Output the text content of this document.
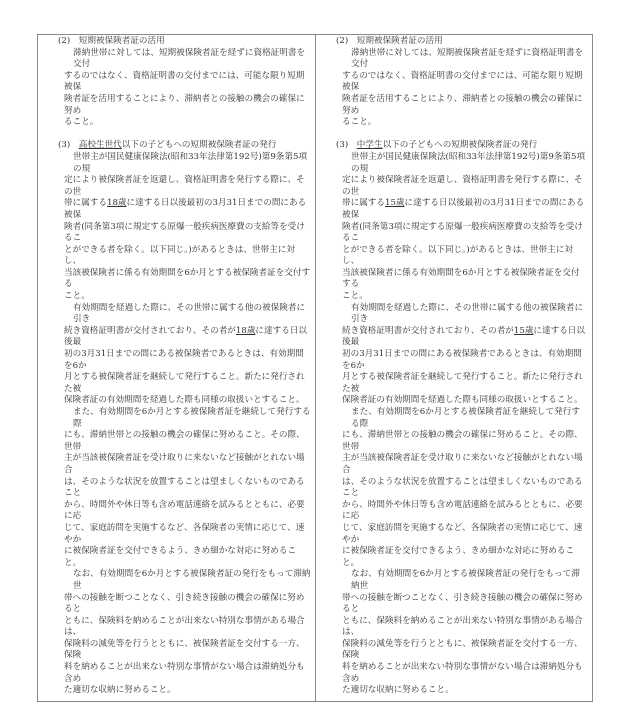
(2)　短期被保険者証の活用
滞納世帯に対しては、短期被保険者証を経ずに資格証明書を交付
するのではなく、資格証明書の交付までには、可能な限り短期被保
険者証を活用することにより、滞納者との接触の機会の確保に努め
ること。
(3)　高校生世代以下の子どもへの短期被保険者証の発行
世帯主が国民健康保険法(昭和33年法律第192号)第9条第5項の規
定により被保険者証を返還し、資格証明書を発行する際に、その世
帯に属する18歳に達する日以後最初の3月31日までの間にある被保
険者(同条第3項に規定する原爆一般疾病医療費の支給等を受けるこ
とができる者を除く。以下同じ。)があるときは、世帯主に対し、
当該被保険者に係る有効期間を6か月とする被保険者証を交付する
こと。
有効期間を経過した際に、その世帯に属する他の被保険者に引き
続き資格証明書が交付されており、その者が18歳に達する日以後最
初の3月31日までの間にある被保険者であるときは、有効期間を6か
月とする被保険者証を継続して発行すること。新たに発行された被
保険者証の有効期間を経過した際も同様の取扱いとすること。
また、有効期間を6か月とする被保険者証を継続して発行する際
にも、滞納世帯との接触の機会の確保に努めること。その際、世帯
主が当該被保険者証を受け取りに来ないなど接触がとれない場合
は、そのような状況を放置することは望ましくないものであること
から、時間外や休日等も含め電話連絡を試みるとともに、必要に応
じて、家庭訪問を実施するなど、各保険者の実情に応じて、速やか
に被保険者証を交付できるよう、きめ細かな対応に努めること。
なお、有効期間を6か月とする被保険者証の発行をもって滞納世
帯への接触を断つことなく、引き続き接触の機会の確保に努めると
ともに、保険料を納めることが出来ない特別な事情がある場合は、
保険料の減免等を行うとともに、被保険者証を交付する一方、保険
料を納めることが出来ない特別な事情がない場合は滞納処分も含め
た適切な収納に努めること。
(2)　短期被保険者証の活用
滞納世帯に対しては、短期被保険者証を経ずに資格証明書を交付
するのではなく、資格証明書の交付までには、可能な限り短期被保
険者証を活用することにより、滞納者との接触の機会の確保に努め
ること。
(3)　中学生以下の子どもへの短期被保険者証の発行
世帯主が国民健康保険法(昭和33年法律第192号)第9条第5項の規
定により被保険者証を返還し、資格証明書を発行する際に、その世
帯に属する15歳に達する日以後最初の3月31日までの間にある被保
険者(同条第3項に規定する原爆一般疾病医療費の支給等を受けるこ
とができる者を除く。以下同じ。)があるときは、世帯主に対し、
当該被保険者に係る有効期間を6か月とする被保険者証を交付する
こと。
有効期間を経過した際に、その世帯に属する他の被保険者に引き
続き資格証明書が交付されており、その者が15歳に達する日以後最
初の3月31日までの間にある被保険者であるときは、有効期間を6か
月とする被保険者証を継続して発行すること。新たに発行された被
保険者証の有効期間を経過した際も同様の取扱いとすること。
また、有効期間を6か月とする被保険者証を継続して発行する際
にも、滞納世帯との接触の機会の確保に努めること。その際、世帯
主が当該被保険者証を受け取りに来ないなど接触がとれない場合
は、そのような状況を放置することは望ましくないものであること
から、時間外や休日等も含め電話連絡を試みるとともに、必要に応
じて、家庭訪問を実施するなど、各保険者の実情に応じて、速やか
に被保険者証を交付できるよう、きめ細かな対応に努めること。
なお、有効期間を6か月とする被保険者証の発行をもって滞納世
帯への接触を断つことなく、引き続き接触の機会の確保に努めると
ともに、保険料を納めることが出来ない特別な事情がある場合は、
保険料の減免等を行うとともに、被保険者証を交付する一方、保険
料を納めることが出来ない特別な事情がない場合は滞納処分も含め
た適切な収納に努めること。
